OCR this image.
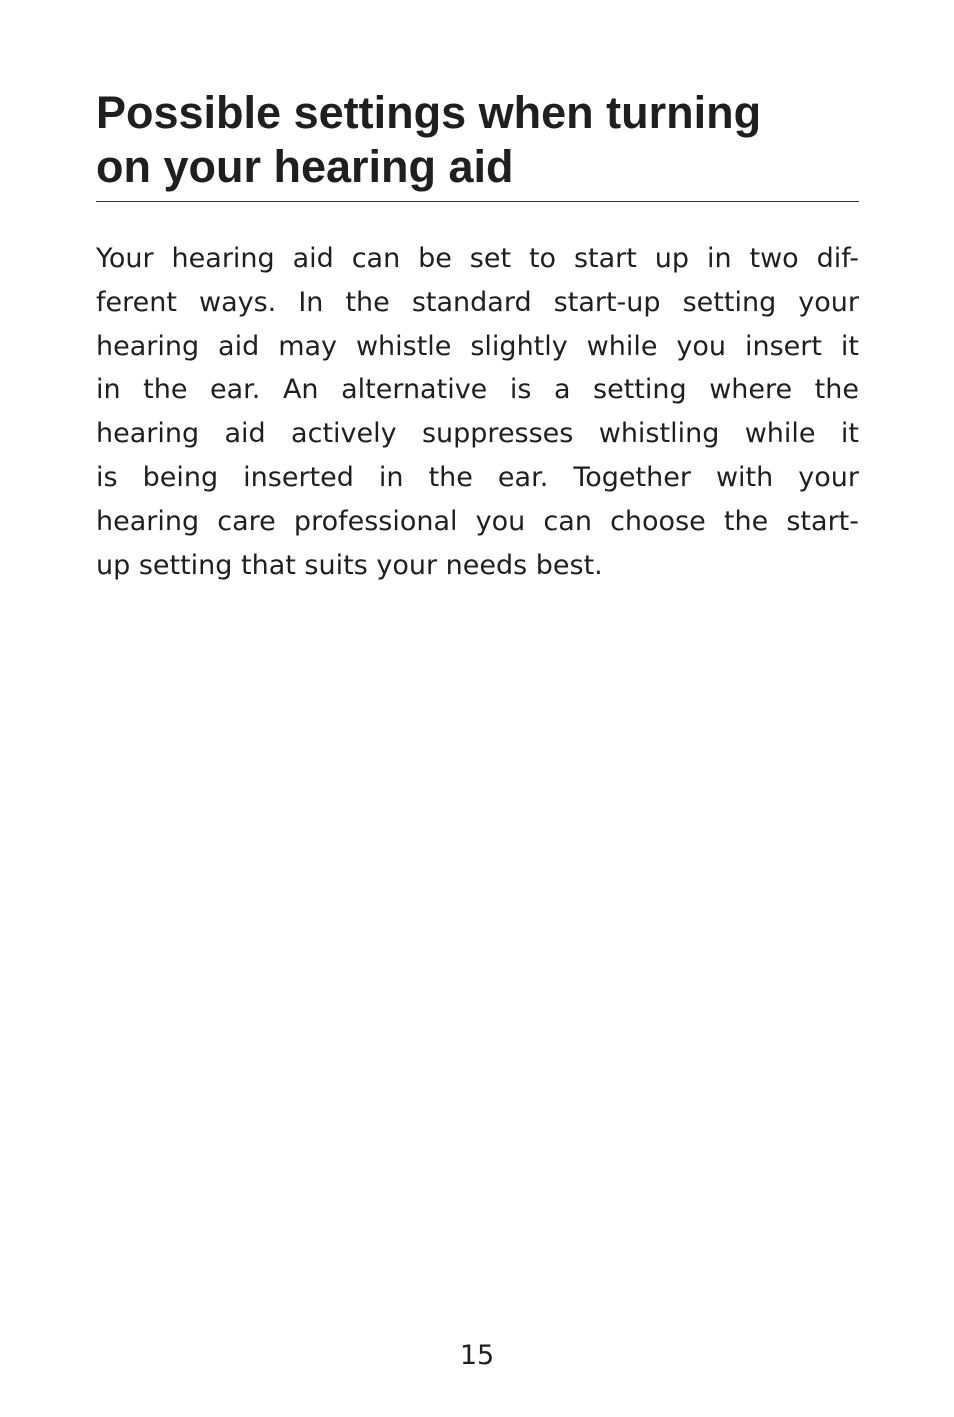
Possible settings when turning
on your hearing aid

Your hearing aid can be set to start up in two dif-
ferent ways. In the standard start-up setting your
hearing aid may whistle slightly while you insert it
in the ear. An alternative is a setting where the
hearing aid actively suppresses whistling while it
is being inserted in the ear. Together with your
hearing care professional you can choose the start-
up setting that suits your needs best.

15
